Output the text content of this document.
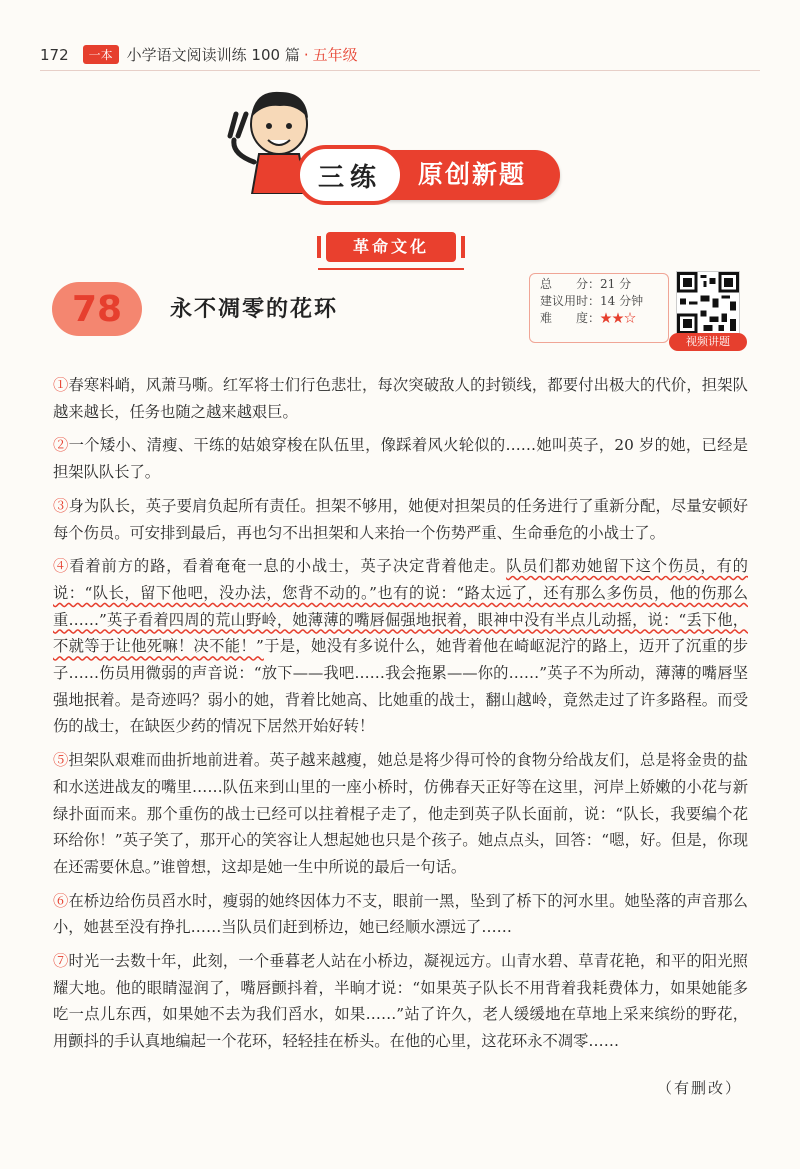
172	一本 小学语文阅读训练 100 篇 · 五年级
三练	原创新题
革命文化
78 永不凋零的花环
总　　分：21 分
建议用时：14 分钟
难　　度：★★☆
视频讲题

①春寒料峭，风萧马嘶。红军将士们行色悲壮，每次突破敌人的封锁线，都要付出极大的代价，担架队越来越长，任务也随之越来越艰巨。

②一个矮小、清瘦、干练的姑娘穿梭在队伍里，像踩着风火轮似的……她叫英子，20 岁的她，已经是担架队队长了。

③身为队长，英子要肩负起所有责任。担架不够用，她便对担架员的任务进行了重新分配，尽量安顿好每个伤员。可安排到最后，再也匀不出担架和人来抬一个伤势严重、生命垂危的小战士了。

④看着前方的路，看着奄奄一息的小战士，英子决定背着他走。队员们都劝她留下这个伤员，有的说：“队长，留下他吧，没办法，您背不动的。”也有的说：“路太远了，还有那么多伤员，他的伤那么重……”英子看着四周的荒山野岭，她薄薄的嘴唇倔强地抿着，眼神中没有半点儿动摇，说：“丢下他，不就等于让他死嘛！决不能！”于是，她没有多说什么，她背着他在崎岖泥泞的路上，迈开了沉重的步子……伤员用微弱的声音说：“放下——我吧……我会拖累——你的……”英子不为所动，薄薄的嘴唇坚强地抿着。是奇迹吗？弱小的她，背着比她高、比她重的战士，翻山越岭，竟然走过了许多路程。而受伤的战士，在缺医少药的情况下居然开始好转！

⑤担架队艰难而曲折地前进着。英子越来越瘦，她总是将少得可怜的食物分给战友们，总是将金贵的盐和水送进战友的嘴里……队伍来到山里的一座小桥时，仿佛春天正好等在这里，河岸上娇嫩的小花与新绿扑面而来。那个重伤的战士已经可以拄着棍子走了，他走到英子队长面前，说：“队长，我要编个花环给你！”英子笑了，那开心的笑容让人想起她也只是个孩子。她点点头，回答：“嗯，好。但是，你现在还需要休息。”谁曾想，这却是她一生中所说的最后一句话。

⑥在桥边给伤员舀水时，瘦弱的她终因体力不支，眼前一黑，坠到了桥下的河水里。她坠落的声音那么小，她甚至没有挣扎……当队员们赶到桥边，她已经顺水漂远了……

⑦时光一去数十年，此刻，一个垂暮老人站在小桥边，凝视远方。山青水碧、草青花艳，和平的阳光照耀大地。他的眼睛湿润了，嘴唇颤抖着，半晌才说：“如果英子队长不用背着我耗费体力，如果她能多吃一点儿东西，如果她不去为我们舀水，如果……”站了许久，老人缓缓地在草地上采来缤纷的野花，用颤抖的手认真地编起一个花环，轻轻挂在桥头。在他的心里，这花环永不凋零……

（有删改）
